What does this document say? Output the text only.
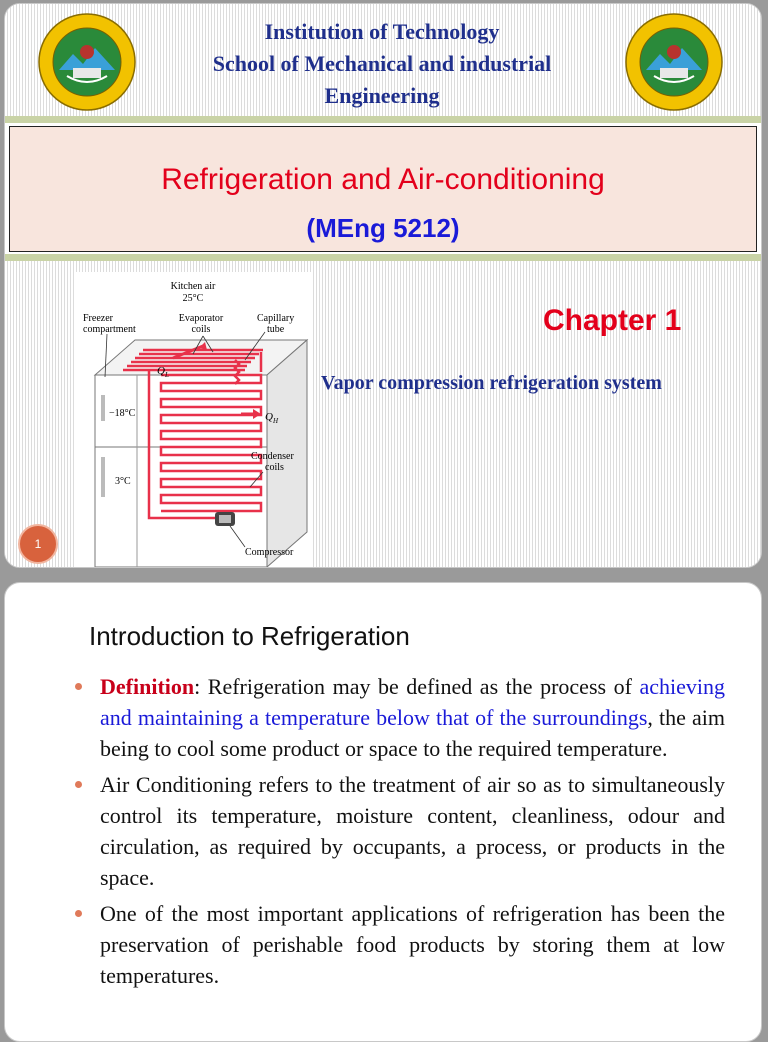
Institution of Technology
School of Mechanical and industrial
Engineering
Refrigeration and Air-conditioning
(MEng 5212)
Kitchen air
25°C
Freezer
compartment
Evaporator
coils
Capillary
tube
$Q_L$
$Q_H$
−18°C
3°C
Condenser
coils
Compressor
Chapter 1
Vapor compression refrigeration system
1
Introduction to Refrigeration
Definition: Refrigeration may be defined as the process of achieving and maintaining a temperature below that of the surroundings, the aim being to cool some product or space to the required temperature.
Air Conditioning refers to the treatment of air so as to simultaneously control its temperature, moisture content, cleanliness, odour and circulation, as required by occupants, a process, or products in the space.
One of the most important applications of refrigeration has been the preservation of perishable food products by storing them at low temperatures.
